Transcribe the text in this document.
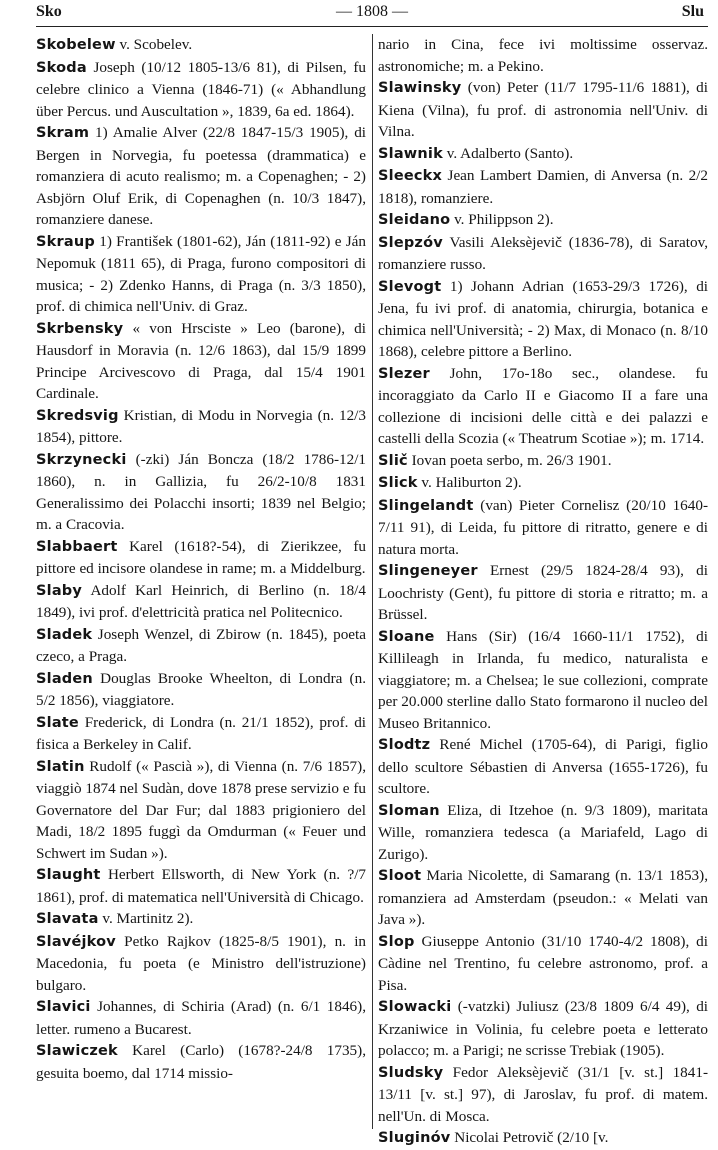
Sko	— 1808 —	Slu

Skobelew v. Scobelev.

Skoda Joseph (10/12 1805-13/6 81), di Pilsen, fu celebre clinico a Vienna (1846-71) (« Abhandlung über Percus. und Auscultation », 1839, 6a ed. 1864).

Skram 1) Amalie Alver (22/8 1847-15/3 1905), di Bergen in Norvegia, fu poetessa (drammatica) e romanziera di acuto realismo; m. a Copenaghen; - 2) Asbjörn Oluf Erik, di Copenaghen (n. 10/3 1847), romanziere danese.

Skraup 1) František (1801-62), Ján (1811-92) e Ján Nepomuk (1811 65), di Praga, furono compositori di musica; - 2) Zdenko Hanns, di Praga (n. 3/3 1850), prof. di chimica nell'Univ. di Graz.

Skrbensky « von Hrsciste » Leo (barone), di Hausdorf in Moravia (n. 12/6 1863), dal 15/9 1899 Principe Arcivescovo di Praga, dal 15/4 1901 Cardinale.

Skredsvig Kristian, di Modu in Norvegia (n. 12/3 1854), pittore.

Skrzynecki (-zki) Ján Boncza (18/2 1786-12/1 1860), n. in Gallizia, fu 26/2-10/8 1831 Generalissimo dei Polacchi insorti; 1839 nel Belgio; m. a Cracovia.

Slabbaert Karel (1618?-54), di Zierikzee, fu pittore ed incisore olandese in rame; m. a Middelburg.

Slaby Adolf Karl Heinrich, di Berlino (n. 18/4 1849), ivi prof. d'elettricità pratica nel Politecnico.

Sladek Joseph Wenzel, di Zbirow (n. 1845), poeta czeco, a Praga.

Sladen Douglas Brooke Wheelton, di Londra (n. 5/2 1856), viaggiatore.

Slate Frederick, di Londra (n. 21/1 1852), prof. di fisica a Berkeley in Calif.

Slatin Rudolf (« Pascià »), di Vienna (n. 7/6 1857), viaggiò 1874 nel Sudàn, dove 1878 prese servizio e fu Governatore del Dar Fur; dal 1883 prigioniero del Madi, 18/2 1895 fuggì da Omdurman (« Feuer und Schwert im Sudan »).

Slaught Herbert Ellsworth, di New York (n. ?/7 1861), prof. di matematica nell'Università di Chicago.

Slavata v. Martinitz 2).

Slavéjkov Petko Rajkov (1825-8/5 1901), n. in Macedonia, fu poeta (e Ministro dell'istruzione) bulgaro.

Slavici Johannes, di Schiria (Arad) (n. 6/1 1846), letter. rumeno a Bucarest.

Slawiczek Karel (Carlo) (1678?-24/8 1735), gesuita boemo, dal 1714 missio-

nario in Cina, fece ivi moltissime osservaz. astronomiche; m. a Pekino.

Slawinsky (von) Peter (11/7 1795-11/6 1881), di Kiena (Vilna), fu prof. di astronomia nell'Univ. di Vilna.

Slawnik v. Adalberto (Santo).

Sleeckx Jean Lambert Damien, di Anversa (n. 2/2 1818), romanziere.

Sleidano v. Philippson 2).

Slepzóv Vasili Aleksèjevič (1836-78), di Saratov, romanziere russo.

Slevogt 1) Johann Adrian (1653-29/3 1726), di Jena, fu ivi prof. di anatomia, chirurgia, botanica e chimica nell'Università; - 2) Max, di Monaco (n. 8/10 1868), celebre pittore a Berlino.

Slezer John, 17o-18o sec., olandese. fu incoraggiato da Carlo II e Giacomo II a fare una collezione di incisioni delle città e dei palazzi e castelli della Scozia (« Theatrum Scotiae »); m. 1714.

Slič Iovan poeta serbo, m. 26/3 1901.

Slick v. Haliburton 2).

Slingelandt (van) Pieter Cornelisz (20/10 1640-7/11 91), di Leida, fu pittore di ritratto, genere e di natura morta.

Slingeneyer Ernest (29/5 1824-28/4 93), di Loochristy (Gent), fu pittore di storia e ritratto; m. a Brüssel.

Sloane Hans (Sir) (16/4 1660-11/1 1752), di Killileagh in Irlanda, fu medico, naturalista e viaggiatore; m. a Chelsea; le sue collezioni, comprate per 20.000 sterline dallo Stato formarono il nucleo del Museo Britannico.

Slodtz René Michel (1705-64), di Parigi, figlio dello scultore Sébastien di Anversa (1655-1726), fu scultore.

Sloman Eliza, di Itzehoe (n. 9/3 1809), maritata Wille, romanziera tedesca (a Mariafeld, Lago di Zurigo).

Sloot Maria Nicolette, di Samarang (n. 13/1 1853), romanziera ad Amsterdam (pseudon.: « Melati van Java »).

Slop Giuseppe Antonio (31/10 1740-4/2 1808), di Càdine nel Trentino, fu celebre astronomo, prof. a Pisa.

Slowacki (-vatzki) Juliusz (23/8 1809 6/4 49), di Krzaniwice in Volinia, fu celebre poeta e letterato polacco; m. a Parigi; ne scrisse Trebiak (1905).

Sludsky Fedor Aleksèjevič (31/1 [v. st.] 1841-13/11 [v. st.] 97), di Jaroslav, fu prof. di matem. nell'Un. di Mosca.

Sluginóv Nicolai Petrovič (2/10 [v.
